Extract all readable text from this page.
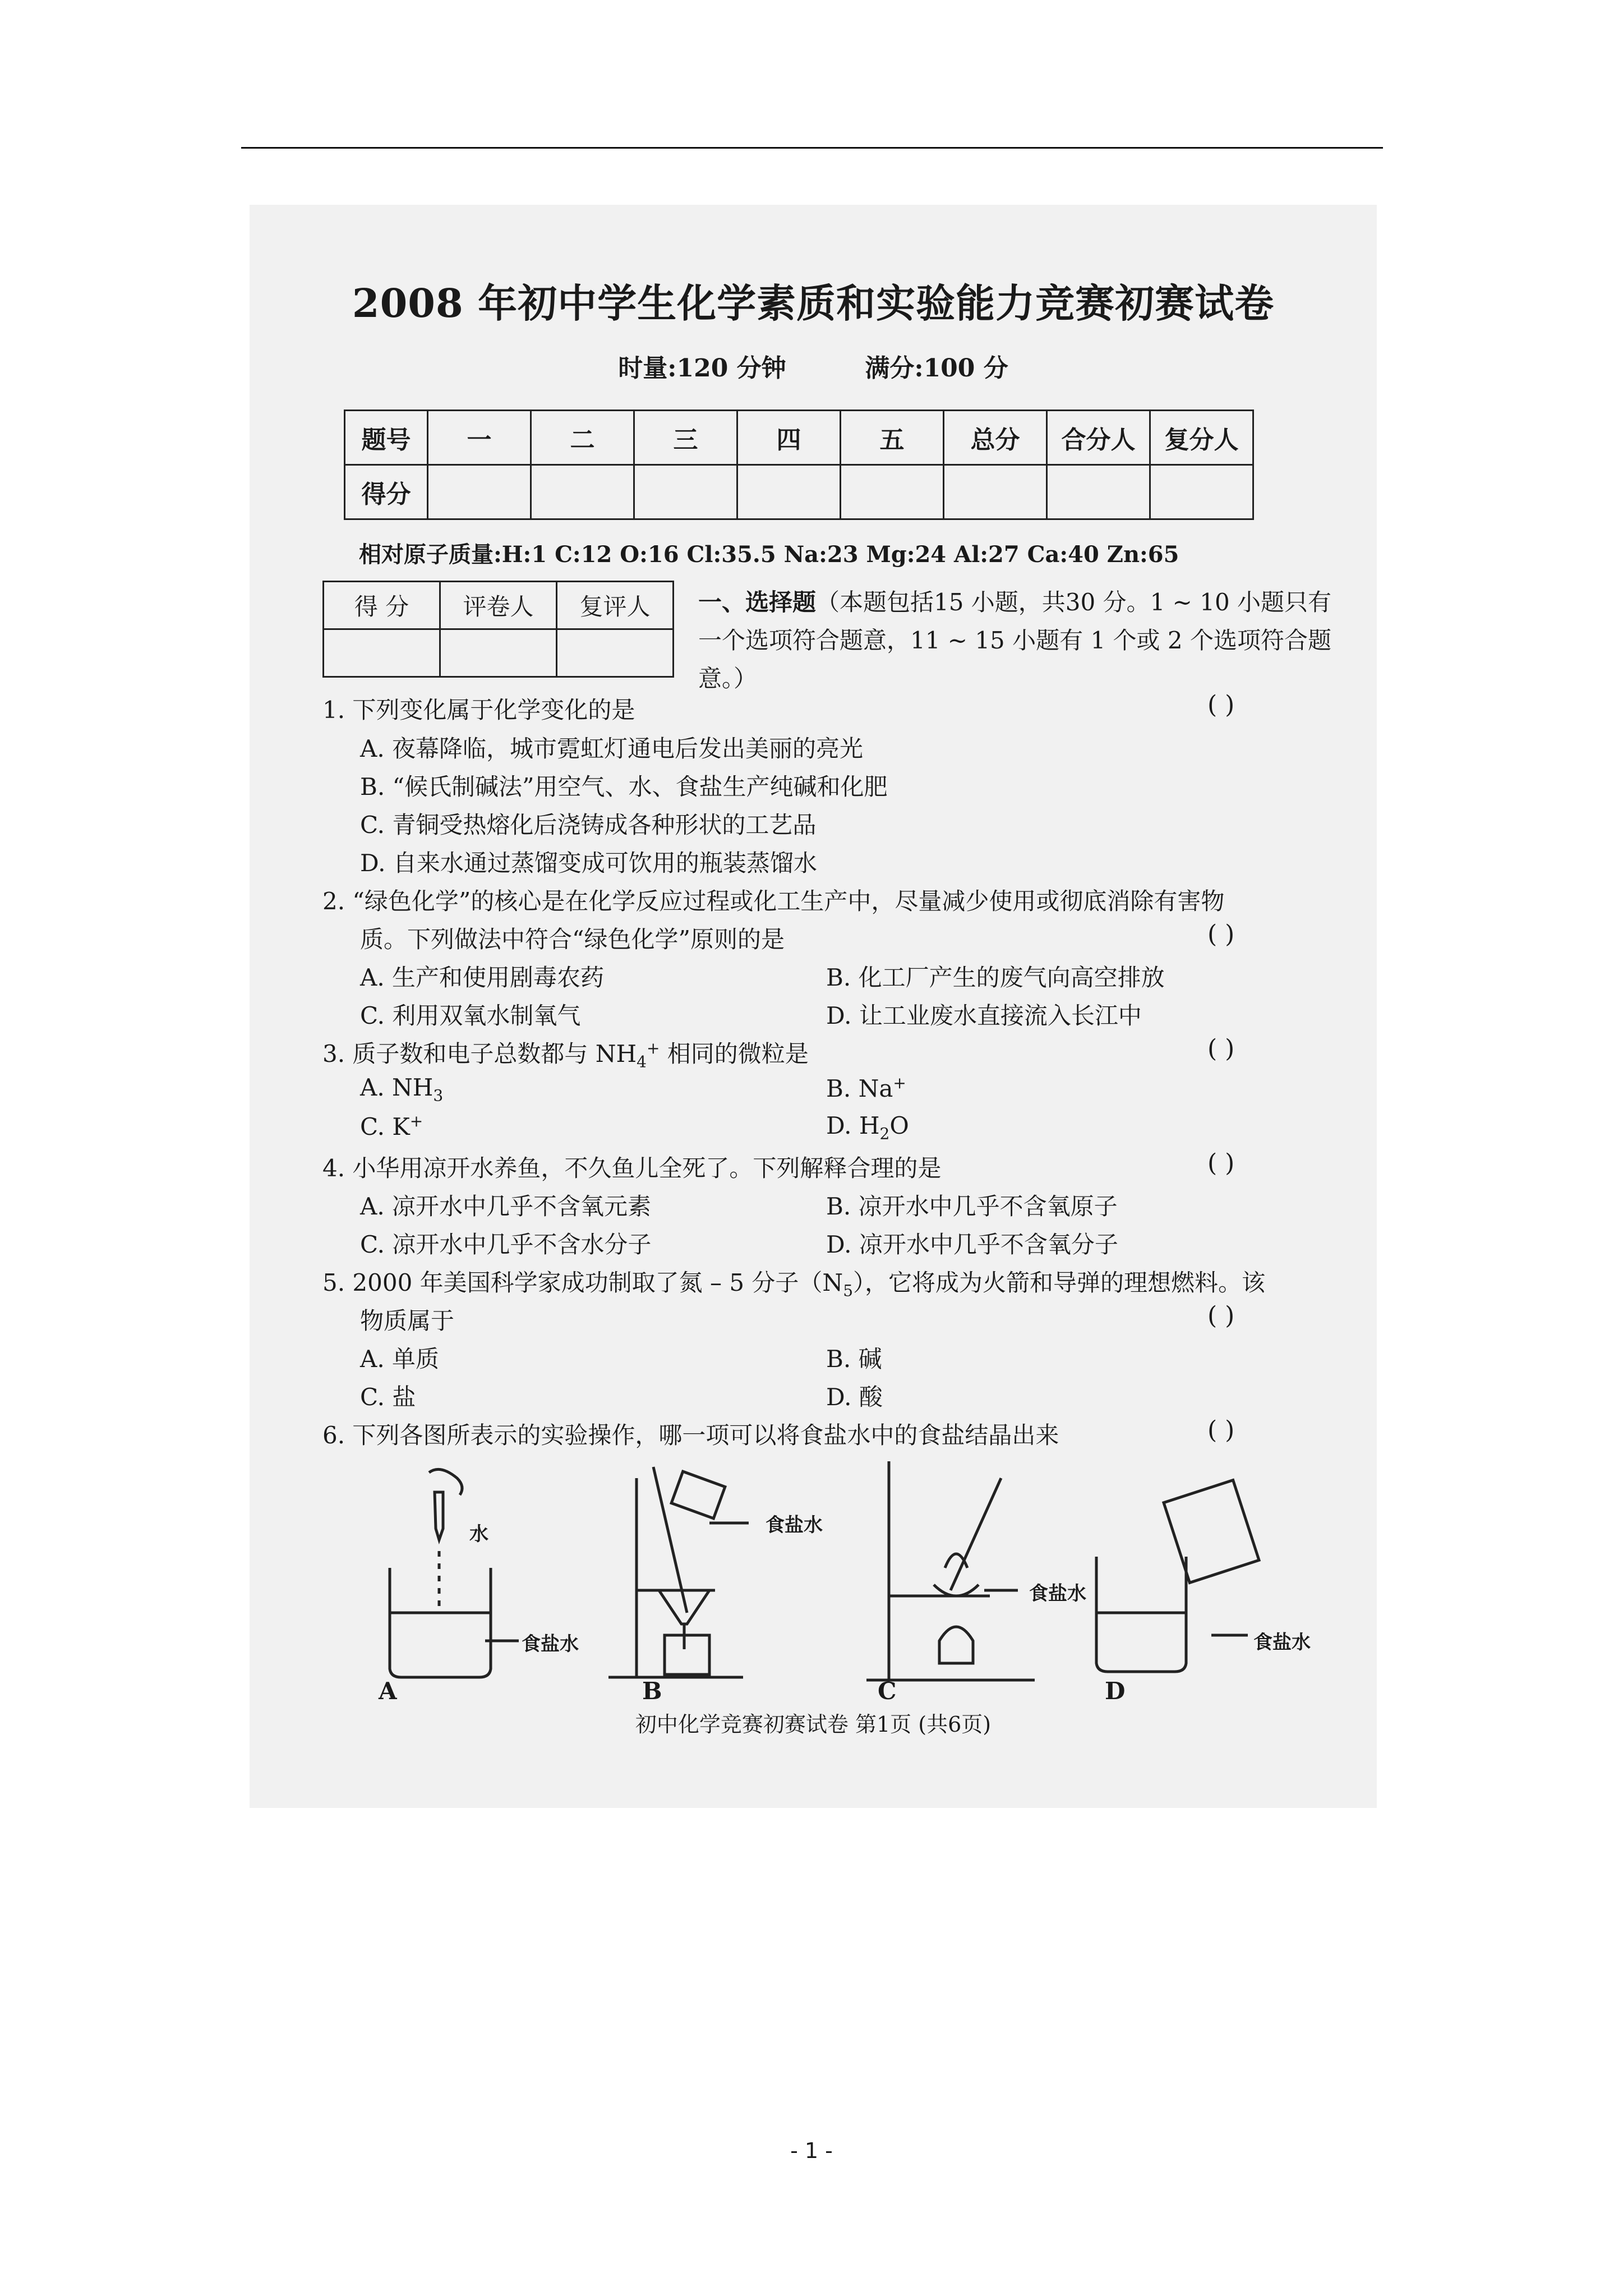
2008 年初中学生化学素质和实验能力竞赛初赛试卷
时量:120 分钟	满分:100 分
题号	一	二	三	四	五	总分	合分人	复分人
得分								
相对原子质量:H:1 C:12 O:16 Cl:35.5 Na:23 Mg:24 Al:27 Ca:40 Zn:65
得 分	评卷人	复评人
		一、选择题（本题包括15 小题，共30 分。1 ~ 10 小题只有一个选项符合题意，11 ~ 15 小题有 1 个或 2 个选项符合题意。）
1. 下列变化属于化学变化的是	( )
A. 夜幕降临，城市霓虹灯通电后发出美丽的亮光
B. “候氏制碱法”用空气、水、食盐生产纯碱和化肥
C. 青铜受热熔化后浇铸成各种形状的工艺品
D. 自来水通过蒸馏变成可饮用的瓶装蒸馏水
2. “绿色化学”的核心是在化学反应过程或化工生产中，尽量减少使用或彻底消除有害物
质。下列做法中符合“绿色化学”原则的是	( )
A. 生产和使用剧毒农药	B. 化工厂产生的废气向高空排放
C. 利用双氧水制氧气	D. 让工业废水直接流入长江中
3. 质子数和电子总数都与 $NH_4^+$ 相同的微粒是	( )
A. $NH_3$	B. Na+
C. K+	D. $H_2O$
4. 小华用凉开水养鱼，不久鱼儿全死了。下列解释合理的是	( )
A. 凉开水中几乎不含氧元素	B. 凉开水中几乎不含氧原子
C. 凉开水中几乎不含水分子	D. 凉开水中几乎不含氧分子
5. 2000 年美国科学家成功制取了氮 – 5 分子$(N_5)$，它将成为火箭和导弹的理想燃料。该
物质属于	( )
A. 单质	B. 碱
C. 盐	D. 酸
6. 下列各图所表示的实验操作，哪一项可以将食盐水中的食盐结晶出来	( )
水
食盐水
A
食盐水
B
食盐水
C
食盐水
D
初中化学竞赛初赛试卷 第1页 (共6页)
- 1 -
